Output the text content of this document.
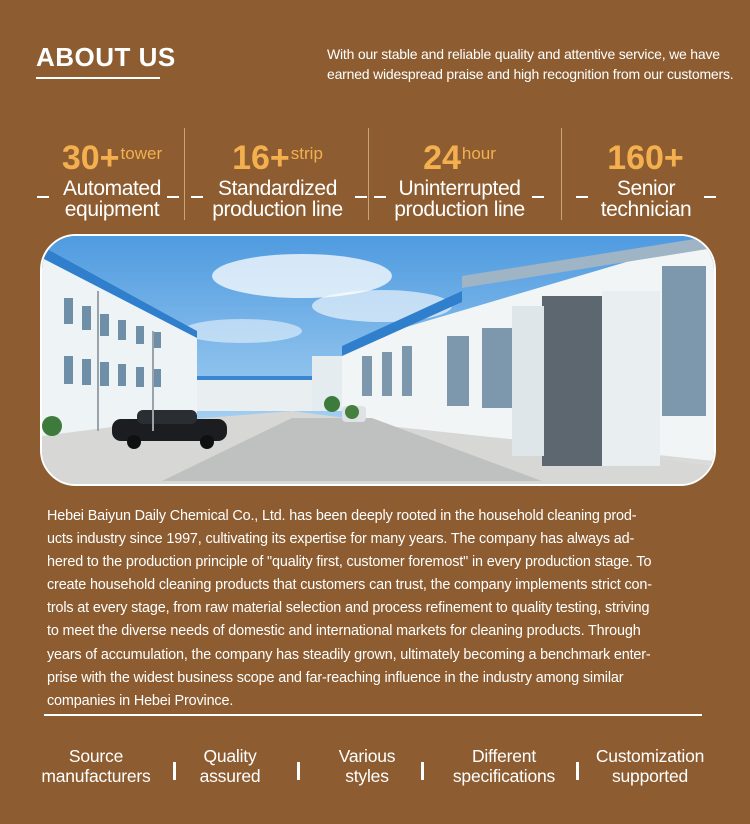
ABOUT US	With our stable and reliable quality and attentive service, we have
earned widespread praise and high recognition from our customers.
30+$^{tower}$
Automated
equipment
16+$^{strip}$
Standardized
production line
$24^{hour}$
Uninterrupted
production line
160+
Senior
technician
Hebei Baiyun Daily Chemical Co., Ltd. has been deeply rooted in the household cleaning prod-
ucts industry since 1997, cultivating its expertise for many years. The company has always ad-
hered to the production principle of "quality first, customer foremost" in every production stage. To
create household cleaning products that customers can trust, the company implements strict con-
trols at every stage, from raw material selection and process refinement to quality testing, striving
to meet the diverse needs of domestic and international markets for cleaning products. Through
years of accumulation, the company has steadily grown, ultimately becoming a benchmark enter-
prise with the widest business scope and far-reaching influence in the industry among similar
companies in Hebei Province.
Source
manufacturers
Quality
assured
Various
styles
Different
specifications
Customization
supported
